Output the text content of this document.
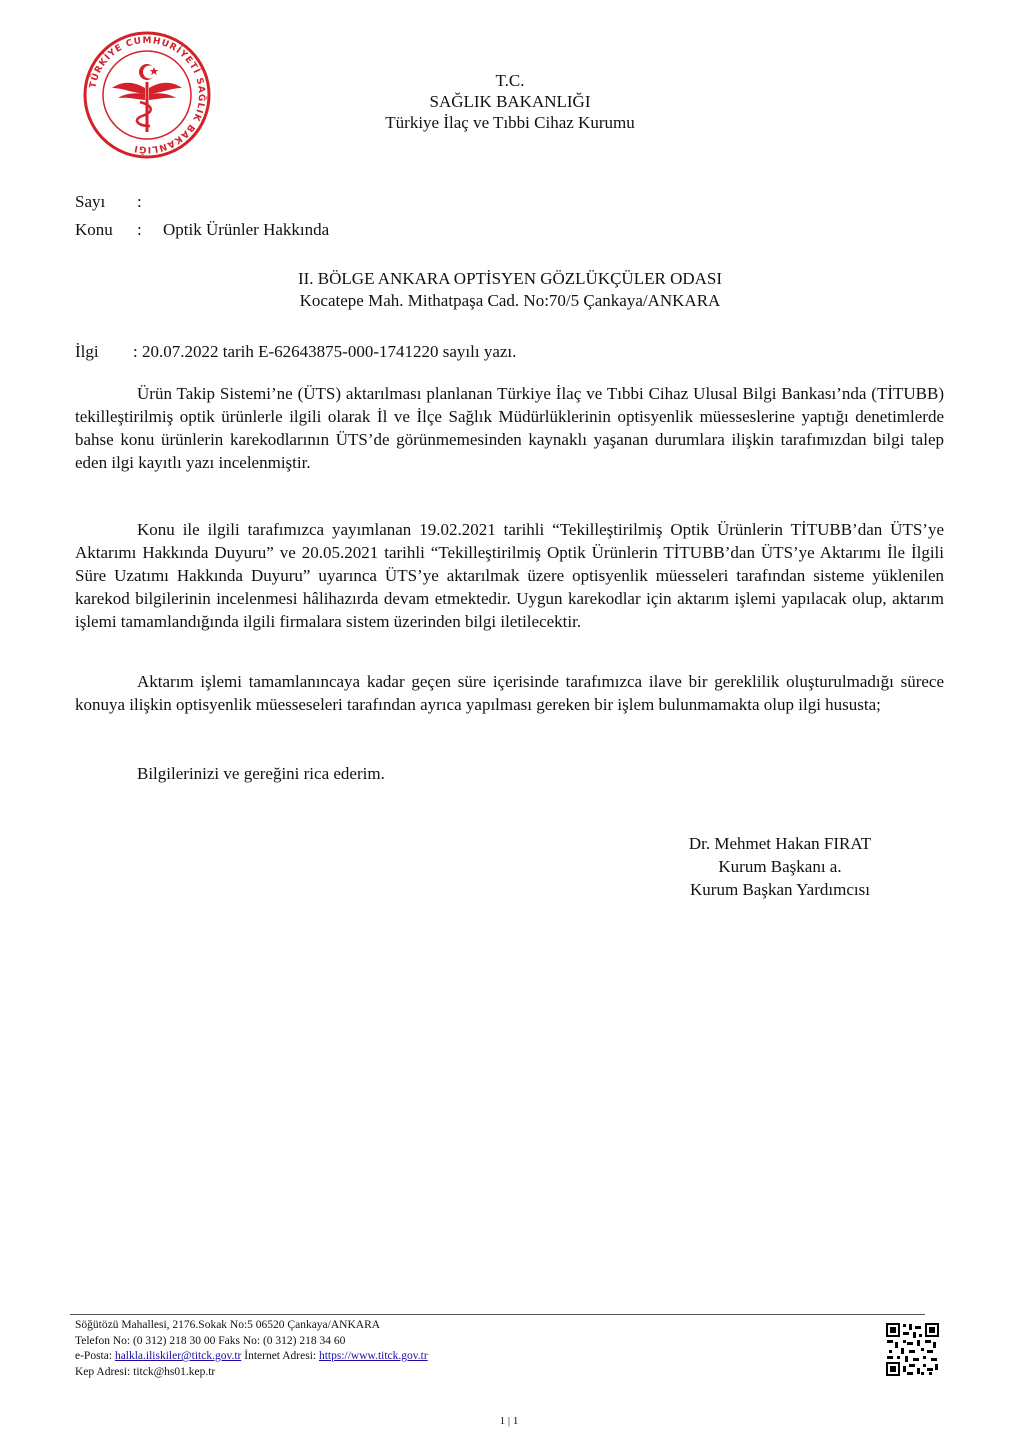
TÜRKİYE CUMHURİYETİ SAĞLIK BAKANLIĞI
T.C.
SAĞLIK BAKANLIĞI
Türkiye İlaç ve Tıbbi Cihaz Kurumu
Sayı :
Konu : Optik Ürünler Hakkında
II. BÖLGE ANKARA OPTİSYEN GÖZLÜKÇÜLER ODASI
Kocatepe Mah. Mithatpaşa Cad. No:70/5 Çankaya/ANKARA
İlgi : 20.07.2022 tarih E-62643875-000-1741220 sayılı yazı.
Ürün Takip Sistemi’ne (ÜTS) aktarılması planlanan Türkiye İlaç ve Tıbbi Cihaz Ulusal Bilgi Bankası’nda (TİTUBB) tekilleştirilmiş optik ürünlerle ilgili olarak İl ve İlçe Sağlık Müdürlüklerinin optisyenlik müesseslerine yaptığı denetimlerde bahse konu ürünlerin karekodlarının ÜTS’de görünmemesinden kaynaklı yaşanan durumlara ilişkin tarafımızdan bilgi talep eden ilgi kayıtlı yazı incelenmiştir.
Konu ile ilgili tarafımızca yayımlanan 19.02.2021 tarihli “Tekilleştirilmiş Optik Ürünlerin TİTUBB’dan ÜTS’ye Aktarımı Hakkında Duyuru” ve 20.05.2021 tarihli “Tekilleştirilmiş Optik Ürünlerin TİTUBB’dan ÜTS’ye Aktarımı İle İlgili Süre Uzatımı Hakkında Duyuru” uyarınca ÜTS’ye aktarılmak üzere optisyenlik müesseleri tarafından sisteme yüklenilen karekod bilgilerinin incelenmesi hâlihazırda devam etmektedir. Uygun karekodlar için aktarım işlemi yapılacak olup, aktarım işlemi tamamlandığında ilgili firmalara sistem üzerinden bilgi iletilecektir.
Aktarım işlemi tamamlanıncaya kadar geçen süre içerisinde tarafımızca ilave bir gereklilik oluşturulmadığı sürece konuya ilişkin optisyenlik müesseseleri tarafından ayrıca yapılması gereken bir işlem bulunmamakta olup ilgi hususta;
Bilgilerinizi ve gereğini rica ederim.
Dr. Mehmet Hakan FIRAT
Kurum Başkanı a.
Kurum Başkan Yardımcısı
Söğütözü Mahallesi, 2176.Sokak No:5 06520 Çankaya/ANKARA
Telefon No: (0 312) 218 30 00 Faks No: (0 312) 218 34 60
e-Posta: halkla.iliskiler@titck.gov.tr İnternet Adresi: https://www.titck.gov.tr
Kep Adresi: titck@hs01.kep.tr
1 | 1
